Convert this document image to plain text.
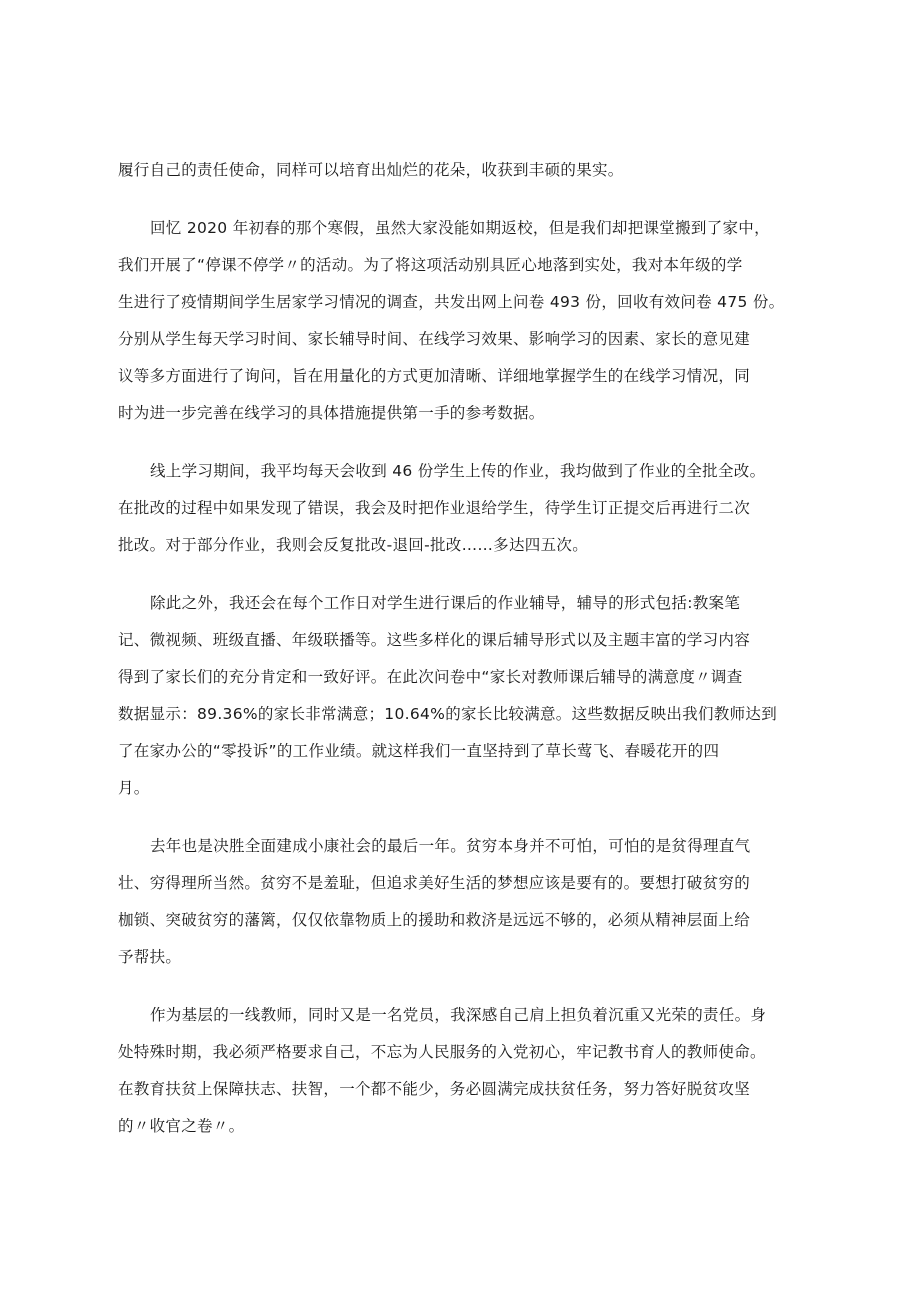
履行自己的责任使命，同样可以培育出灿烂的花朵，收获到丰硕的果实。
回忆 2020 年初春的那个寒假，虽然大家没能如期返校，但是我们却把课堂搬到了家中，
我们开展了“停课不停学〃的活动。为了将这项活动别具匠心地落到实处，我对本年级的学
生进行了疫情期间学生居家学习情况的调查，共发出网上问卷 493 份，回收有效问卷 475 份。
分别从学生每天学习时间、家长辅导时间、在线学习效果、影响学习的因素、家长的意见建
议等多方面进行了询问，旨在用量化的方式更加清晰、详细地掌握学生的在线学习情况，同
时为进一步完善在线学习的具体措施提供第一手的参考数据。
线上学习期间，我平均每天会收到 46 份学生上传的作业，我均做到了作业的全批全改。
在批改的过程中如果发现了错误，我会及时把作业退给学生，待学生订正提交后再进行二次
批改。对于部分作业，我则会反复批改-退回-批改……多达四五次。
除此之外，我还会在每个工作日对学生进行课后的作业辅导，辅导的形式包括:教案笔
记、微视频、班级直播、年级联播等。这些多样化的课后辅导形式以及主题丰富的学习内容
得到了家长们的充分肯定和一致好评。在此次问卷中“家长对教师课后辅导的满意度〃调查
数据显示：89.36%的家长非常满意；10.64%的家长比较满意。这些数据反映出我们教师达到
了在家办公的“零投诉”的工作业绩。就这样我们一直坚持到了草长莺飞、春暖花开的四
月。
去年也是决胜全面建成小康社会的最后一年。贫穷本身并不可怕，可怕的是贫得理直气
壮、穷得理所当然。贫穷不是羞耻，但追求美好生活的梦想应该是要有的。要想打破贫穷的
枷锁、突破贫穷的藩篱，仅仅依靠物质上的援助和救济是远远不够的，必须从精神层面上给
予帮扶。
作为基层的一线教师，同时又是一名党员，我深感自己肩上担负着沉重又光荣的责任。身
处特殊时期，我必须严格要求自己，不忘为人民服务的入党初心，牢记教书育人的教师使命。
在教育扶贫上保障扶志、扶智，一个都不能少，务必圆满完成扶贫任务，努力答好脱贫攻坚
的〃收官之卷〃。
